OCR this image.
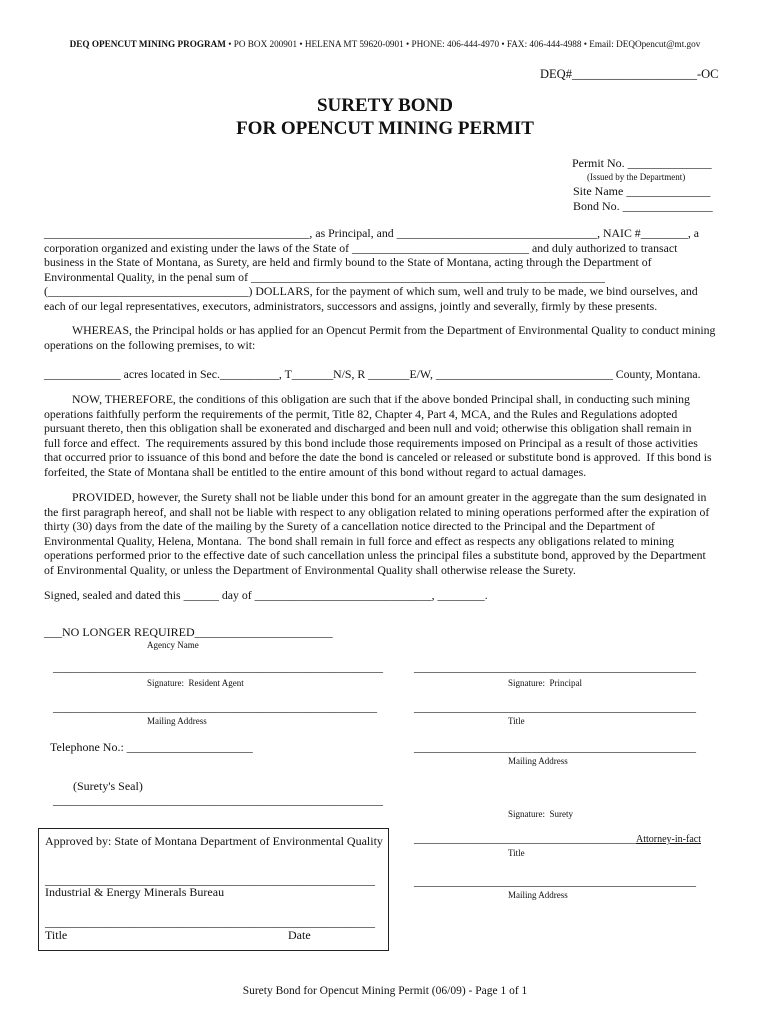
DEQ OPENCUT MINING PROGRAM • PO BOX 200901 • HELENA MT 59620-0901 • PHONE: 406-444-4970 • FAX: 406-444-4988 • Email: DEQOpencut@mt.gov
DEQ#____________________-OC
SURETY BOND
FOR OPENCUT MINING PERMIT
Permit No. ______________
(Issued by the Department)
Site Name ______________
Bond No. _______________
_____________________________________________, as Principal, and __________________________________, NAIC #________, a
corporation organized and existing under the laws of the State of ______________________________ and duly authorized to transact
business in the State of Montana, as Surety, are held and firmly bound to the State of Montana, acting through the Department of
Environmental Quality, in the penal sum of ____________________________________________________________
(__________________________________) DOLLARS, for the payment of which sum, well and truly to be made, we bind ourselves, and
each of our legal representatives, executors, administrators, successors and assigns, jointly and severally, firmly by these presents.
WHEREAS, the Principal holds or has applied for an Opencut Permit from the Department of Environmental Quality to conduct mining
operations on the following premises, to wit:
_____________ acres located in Sec.__________, T_______N/S, R _______E/W, ______________________________ County, Montana.
NOW, THEREFORE, the conditions of this obligation are such that if the above bonded Principal shall, in conducting such mining
operations faithfully perform the requirements of the permit, Title 82, Chapter 4, Part 4, MCA, and the Rules and Regulations adopted
pursuant thereto, then this obligation shall be exonerated and discharged and been null and void; otherwise this obligation shall remain in
full force and effect.  The requirements assured by this bond include those requirements imposed on Principal as a result of those activities
that occurred prior to issuance of this bond and before the date the bond is canceled or released or substitute bond is approved.  If this bond is
forfeited, the State of Montana shall be entitled to the entire amount of this bond without regard to actual damages.
PROVIDED, however, the Surety shall not be liable under this bond for an amount greater in the aggregate than the sum designated in
the first paragraph hereof, and shall not be liable with respect to any obligation related to mining operations performed after the expiration of
thirty (30) days from the date of the mailing by the Surety of a cancellation notice directed to the Principal and the Department of
Environmental Quality, Helena, Montana.  The bond shall remain in full force and effect as respects any obligations related to mining
operations performed prior to the effective date of such cancellation unless the principal files a substitute bond, approved by the Department
of Environmental Quality, or unless the Department of Environmental Quality shall otherwise release the Surety.
Signed, sealed and dated this ______ day of ______________________________, ________.
___NO LONGER REQUIRED_______________________
Agency Name
_______________________________________________________
Signature:  Resident Agent
______________________________________________________
Mailing Address
Telephone No.: _____________________
(Surety's Seal)
_______________________________________________________
_______________________________________________
Signature:  Principal
_______________________________________________
Title
_______________________________________________
Mailing Address
Signature:  Surety
_____________________________________Attorney-in-fact
Title
_______________________________________________
Mailing Address
Approved by: State of Montana Department of Environmental Quality
_______________________________________________________
Industrial & Energy Minerals Bureau
_______________________________________________________
Title	Date
Surety Bond for Opencut Mining Permit (06/09) - Page 1 of 1
